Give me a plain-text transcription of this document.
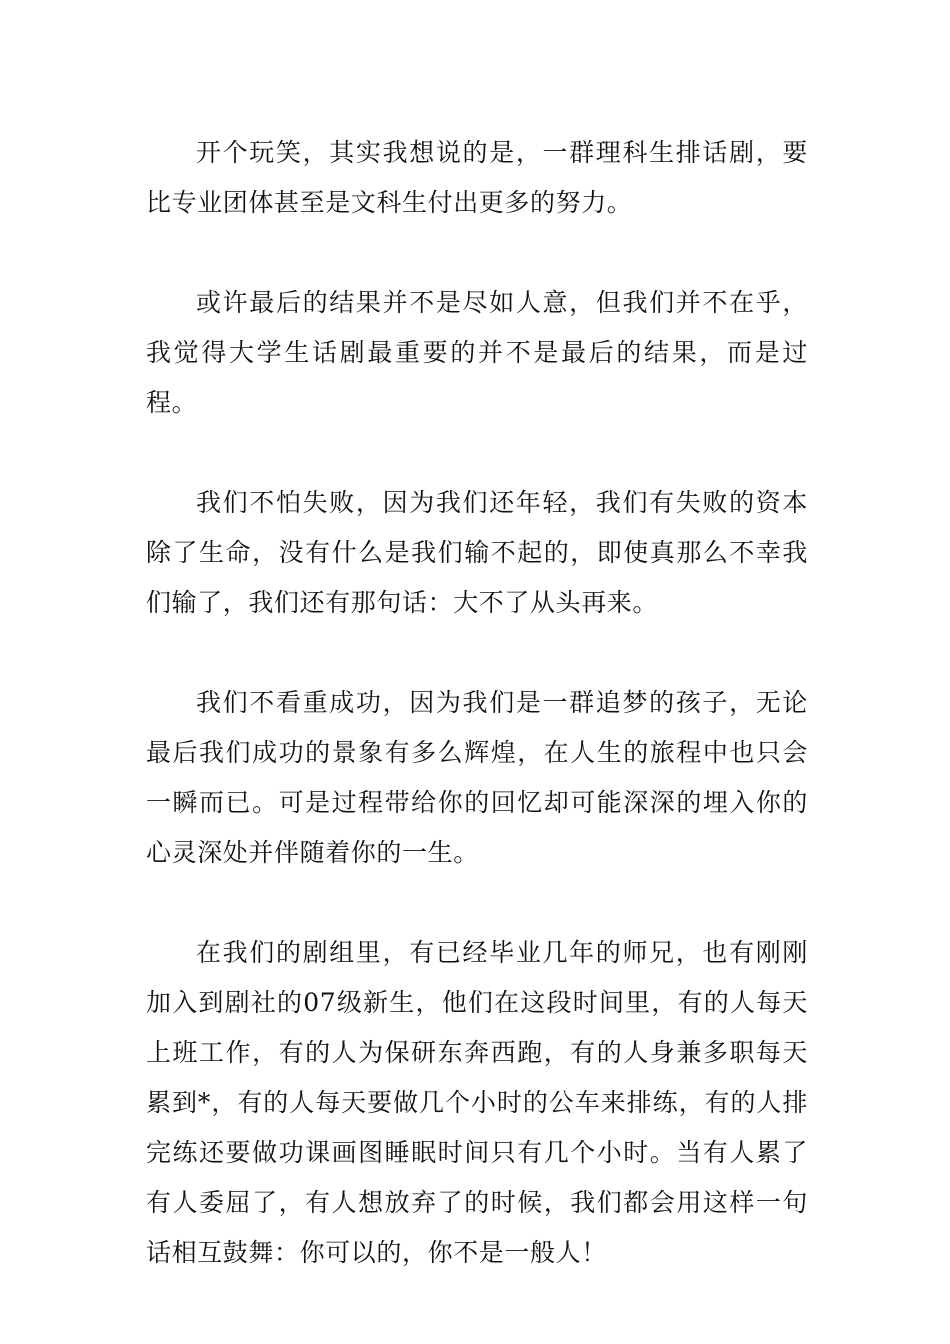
开个玩笑，其实我想说的是，一群理科生排话剧，要比专业团体甚至是文科生付出更多的努力。

或许最后的结果并不是尽如人意，但我们并不在乎，我觉得大学生话剧最重要的并不是最后的结果，而是过程。

我们不怕失败，因为我们还年轻，我们有失败的资本除了生命，没有什么是我们输不起的，即使真那么不幸我们输了，我们还有那句话：大不了从头再来。

我们不看重成功，因为我们是一群追梦的孩子，无论最后我们成功的景象有多么辉煌，在人生的旅程中也只会一瞬而已。可是过程带给你的回忆却可能深深的埋入你的心灵深处并伴随着你的一生。

在我们的剧组里，有已经毕业几年的师兄，也有刚刚加入到剧社的07级新生，他们在这段时间里，有的人每天上班工作，有的人为保研东奔西跑，有的人身兼多职每天累到*，有的人每天要做几个小时的公车来排练，有的人排完练还要做功课画图睡眠时间只有几个小时。当有人累了有人委屈了，有人想放弃了的时候，我们都会用这样一句话相互鼓舞：你可以的，你不是一般人！
